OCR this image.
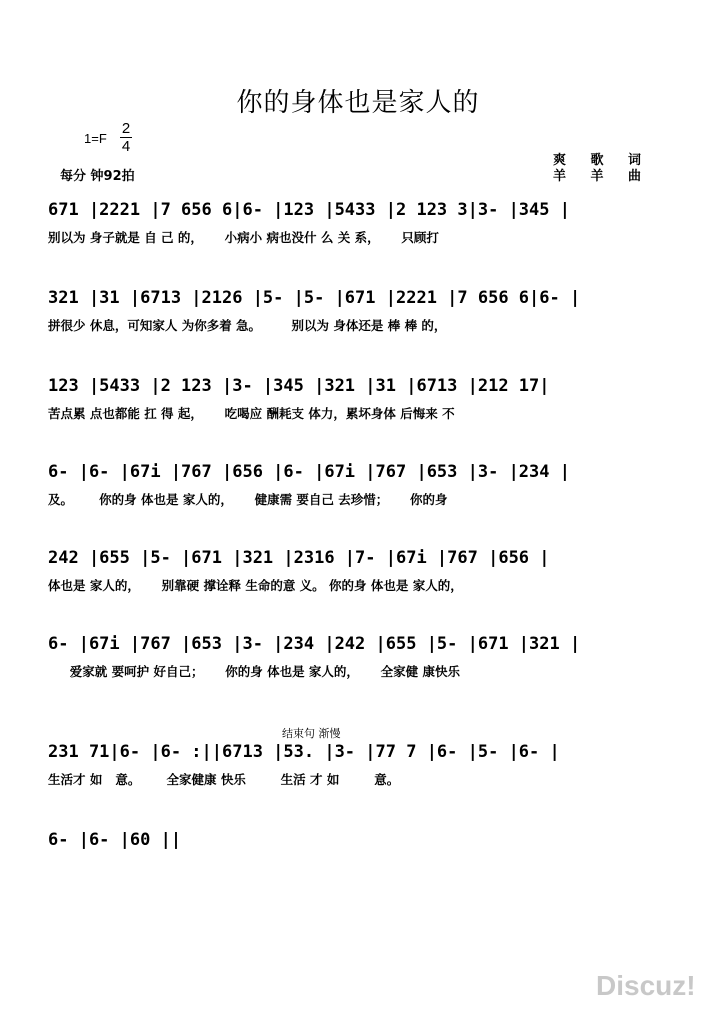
你的身体也是家人的
1=F
2
4
每分 钟92拍
爽 歌 词
羊 羊 曲
671 |2221 |7 656 6|6- |123 |5433 |2 123 3|3- |345 |
别以为 身子就是 自 己 的，     小病小 病也没什 么 关 系，     只顾打
321 |31 |6713 |2126 |5- |5- |671 |2221 |7 656 6|6- |
拼很少 休息，可知家人 为你多着 急。       别以为 身体还是 棒 棒 的，
123 |5433 |2 123 |3- |345 |321 |31 |6713 |212 17|
苦点累 点也都能 扛 得 起，     吃喝应 酬耗支 体力，累坏身体 后悔来 不
6- |6- |67i |767 |656 |6- |67i |767 |653 |3- |234 |
及。      你的身 体也是 家人的，     健康需 要自己 去珍惜；     你的身
242 |655 |5- |671 |321 |2316 |7- |67i |767 |656 |
体也是 家人的，     别靠硬 撑诠释 生命的意 义。 你的身 体也是 家人的，
6- |67i |767 |653 |3- |234 |242 |655 |5- |671 |321 |
爱家就 要呵护 好自己；     你的身 体也是 家人的，     全家健 康快乐
结束句 渐慢
231 71|6- |6- :||6713 |53. |3- |77 7 |6- |5- |6- |
生活才 如   意。      全家健康 快乐        生活 才 如        意。
6- |6- |60 ||
Discuz!
